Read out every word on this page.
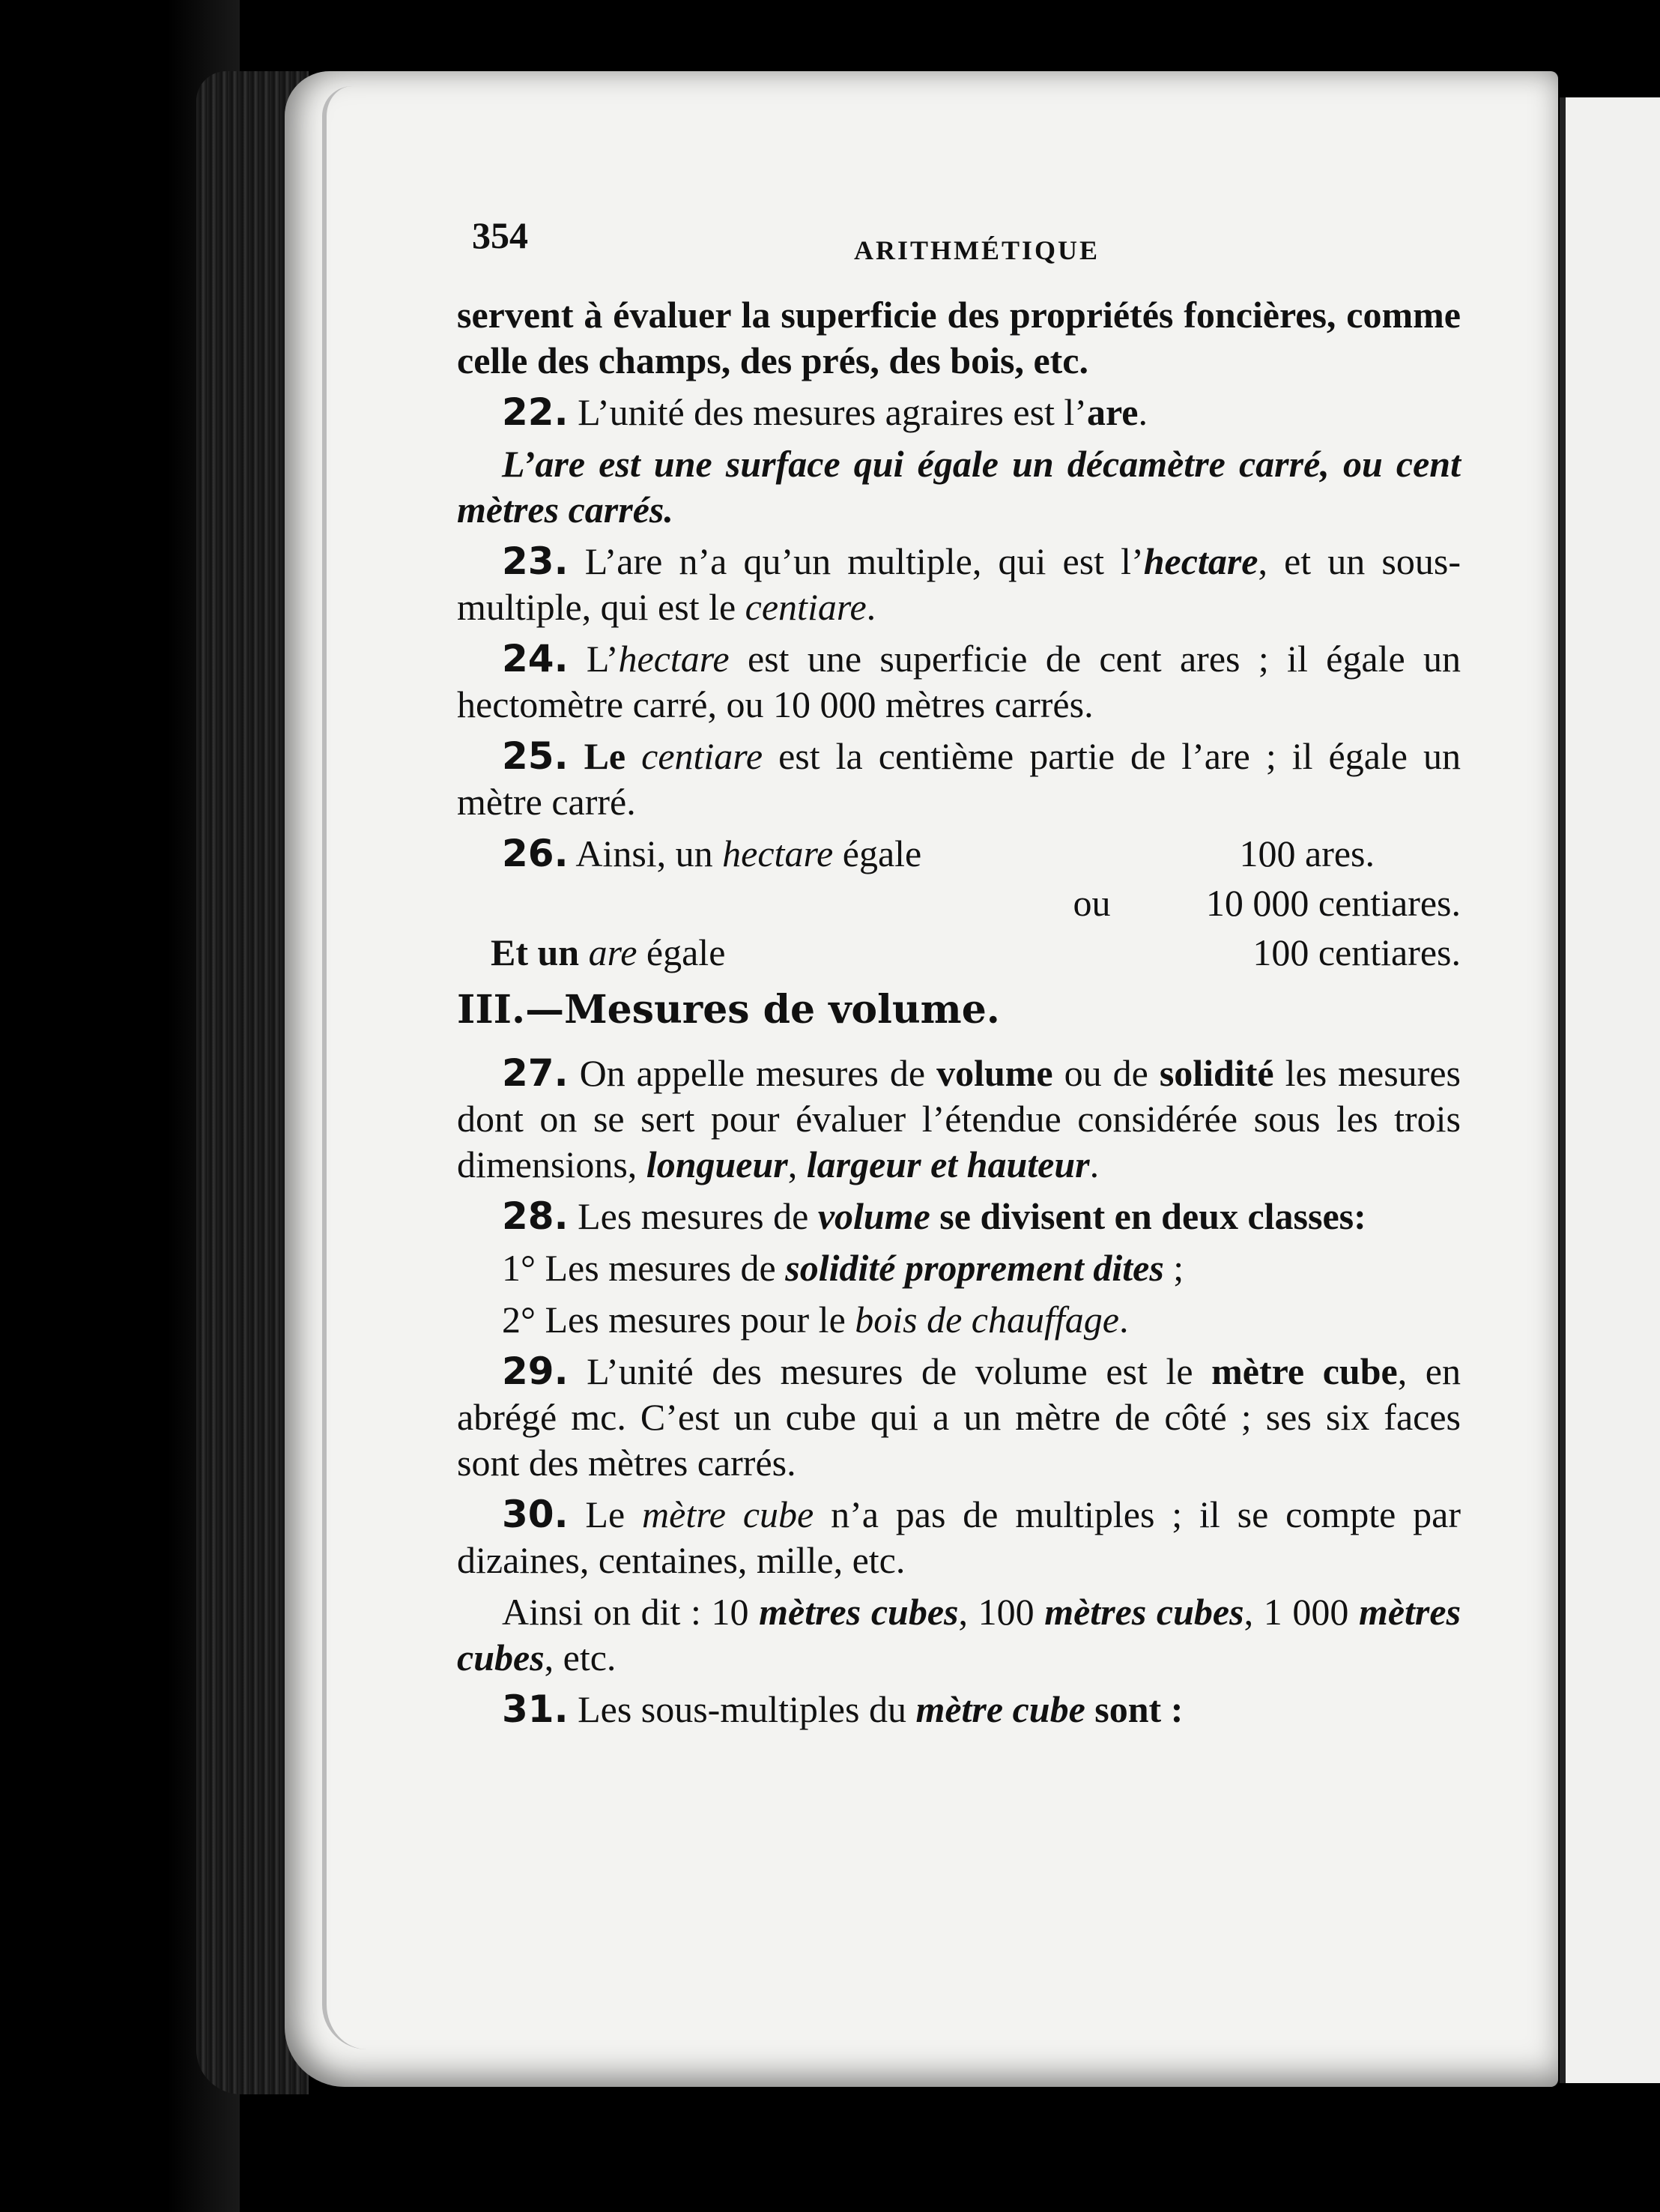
354	ARITHMÉTIQUE

servent à évaluer la superficie des propriétés foncières, comme celle des champs, des prés, des bois, etc.

22. L’unité des mesures agraires est l’are.

L’are est une surface qui égale un décamètre carré, ou cent mètres carrés.

23. L’are n’a qu’un multiple, qui est l’hectare, et un sous-multiple, qui est le centiare.

24. L’hectare est une superficie de cent ares ; il égale un hectomètre carré, ou 10 000 mètres carrés.

25. Le centiare est la centième partie de l’are ; il égale un mètre carré.

26. Ainsi, un hectare égale		100 ares.
	ou	10 000 centiares.
Et un are égale		100 centiares.

III.—Mesures de volume.

27. On appelle mesures de volume ou de solidité les mesures dont on se sert pour évaluer l’étendue considérée sous les trois dimensions, longueur, largeur et hauteur.

28. Les mesures de volume se divisent en deux classes:

1° Les mesures de solidité proprement dites ;

2° Les mesures pour le bois de chauffage.

29. L’unité des mesures de volume est le mètre cube, en abrégé mc. C’est un cube qui a un mètre de côté ; ses six faces sont des mètres carrés.

30. Le mètre cube n’a pas de multiples ; il se compte par dizaines, centaines, mille, etc.

Ainsi on dit : 10 mètres cubes, 100 mètres cubes, 1 000 mètres cubes, etc.

31. Les sous-multiples du mètre cube sont :
